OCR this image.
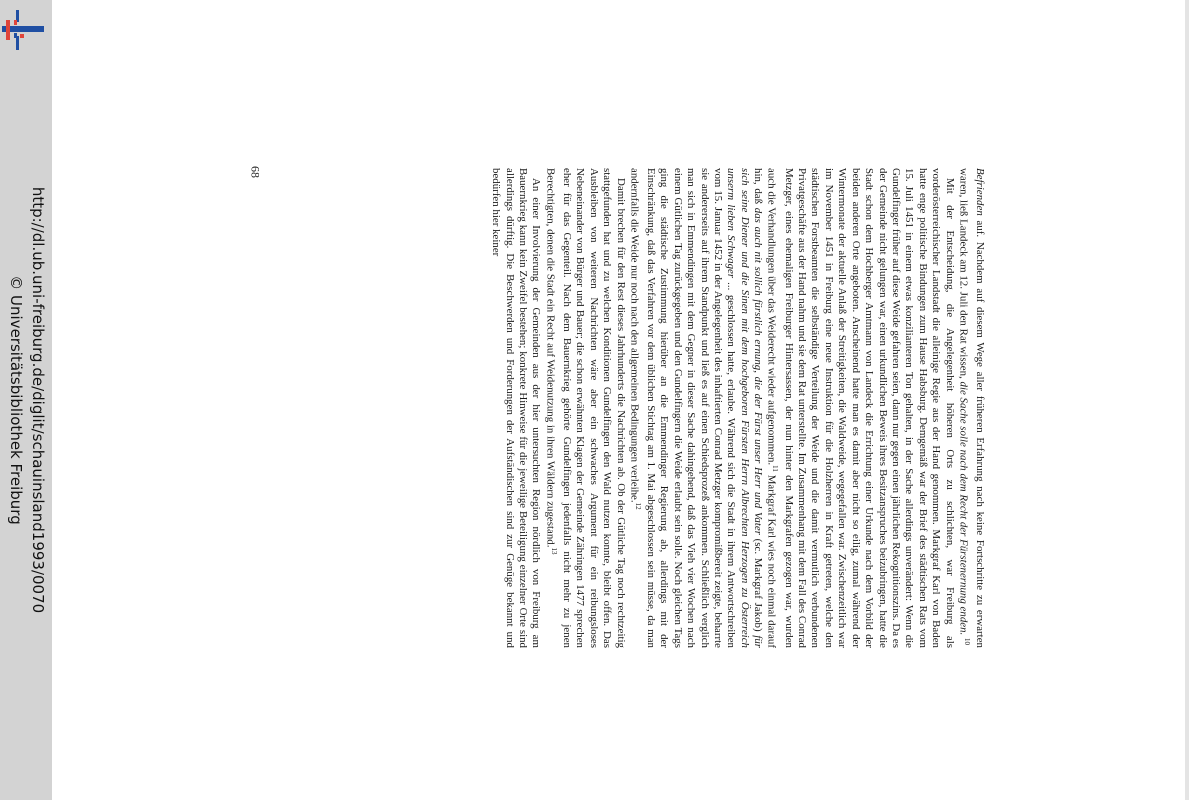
http://dl.ub.uni-freiburg.de/diglit/schauinsland1993/0070
© Universitätsbibliothek Freiburg
68	Befrienden auf. Nachdem auf diesem Wege aller früheren Erfahrung nach keine Fortschritte zu erwarten waren, ließ Landeck am 12. Juli den Rat wissen, die Sache solle nach dem Recht der Fürstenernung enden. $^{10}$

Mit der Entscheidung, die Angelegenheit höheren Orts zu schlichten, war Freiburg als vorderösterreichischer Landstadt die alleinige Regie aus der Hand genommen. Markgraf Karl von Baden hatte enge politische Bindungen zum Hause Habsburg. Demgemäß war der Brief des städtischen Rats vom 15. Juli 1451 in einem etwas konzilianteren Ton gehalten, in der Sache allerdings unverändert: Wenn die Gundelfinger früher auf diese Weide gefahren seien, dann nur gegen einen jährlichen Rekognitionszins. Da es der Gemeinde nicht gelungen war, einen urkundlichen Beweis ihres Besitzanspruches beizubringen, hatte die Stadt schon dem Hochberger Amtmann von Landeck die Errichtung einer Urkunde nach dem Vorbild der beiden anderen Orte angeboten. Anscheinend hatte man es damit aber nicht so eilig, zumal während der Wintermonate der aktuelle Anlaß der Streitigkeiten, die Waldweide, wegegefallen war. Zwischenzeitlich war im November 1451 in Freiburg eine neue Instruktion für die Holzherren in Kraft getreten, welche den städtischen Forstbeamten die selbständige Verteilung der Weide und die damit vermutlich verbundenen Privatgeschäfte aus der Hand nahm und sie dem Rat unterstellte. Im Zusammenhang mit dem Fall des Conrad Metzger, eines ehemaligen Freiburger Hintersassen, der nun hinter den Markgrafen gezogen war, wurden auch die Verhandlungen über das Weiderecht wieder aufgenommen.$^{11}$ Markgraf Karl wies noch einmal darauf hin, daß das auch nit sollich fürstlich ernung, die der Fürst unser Herr und Vater (sc. Markgraf Jakob) für sich seine Diener und die Sinen mit dem hochgeboren Fürsten Herrn Albrechten Herzogen zu Österreich unserm lieben Schwager ... geschlossen hatte, erlaube. Während sich die Stadt in ihrem Antwortschreiben vom 15. Januar 1452 in der Angelegenheit des inhaftierten Conrad Metzger kompromißbereit zeigte, beharrte sie andererseits auf ihrem Standpunkt und ließ es auf einen Schiedsprozeß ankommen. Schließlich verglich man sich in Emmendingen mit dem Gegner in dieser Sache dahingehend, daß das Vieh vier Wochen nach einem Gütlichen Tag zurückgegeben und den Gundelfingern die Weide erlaubt sein solle. Noch gleichen Tags ging die städtische Zustimmung hierüber an die Emmendinger Regierung ab, allerdings mit der Einschränkung, daß das Verfahren vor dem üblichen Stichtag am 1. Mai abgeschlossen sein müsse, da man andernfalls die Weide nur noch nach den allgemeinen Bedingungen verleihe.$^{12}$

Damit brechen für den Rest dieses Jahrhunderts die Nachrichten ab. Ob der Gütliche Tag noch rechtzeitig stattgefunden hat und zu welchen Konditionen Gundelfingen den Wald nutzen konnte, bleibt offen. Das Ausbleiben von weiteren Nachrichten wäre aber ein schwaches Argument für ein reibungsloses Nebeneinander von Bürger und Bauer; die schon erwähnten Klagen der Gemeinde Zähringen 1477 sprechen eher für das Gegenteil. Nach dem Bauernkrieg gehörte Gundelfingen jedenfalls nicht mehr zu jenen Berechtigten, denen die Stadt ein Recht auf Weidenutzung in ihren Wäldern zugestand.$^{13}$

An einer Involvierung der Gemeinden aus der hier untersuchten Region nördlich von Freiburg am Bauernkrieg kann kein Zweifel bestehen; konkrete Hinweise für die jeweilige Beteiligung einzelner Orte sind allerdings dürftig. Die Beschwerden und Forderungen der Aufständischen sind zur Genüge bekannt und bedürfen hier keiner
